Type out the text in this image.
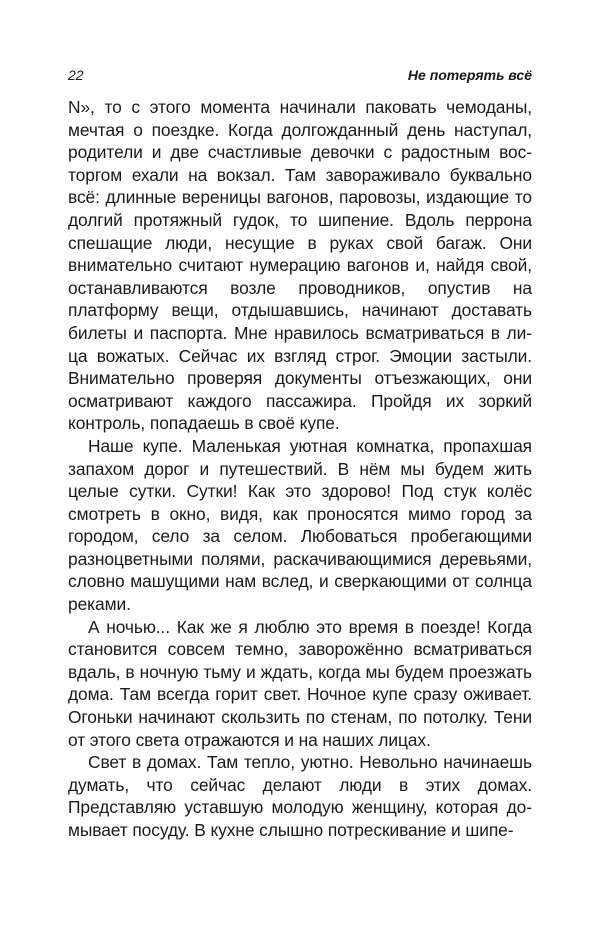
22	Не потерять всё

N», то с этого момента начинали паковать чемоданы, мечтая о поездке. Когда долгожданный день наступал, родители и две счастливые девочки с радостным восторгом ехали на вокзал. Там завораживало буквально всё: длинные вереницы вагонов, паровозы, издающие то долгий протяжный гудок, то шипение. Вдоль перрона спешащие люди, несущие в руках свой багаж. Они внимательно считают нумерацию вагонов и, найдя свой, останавливаются возле проводников, опустив на платформу вещи, отдышавшись, начинают доставать билеты и паспорта. Мне нравилось всматриваться в лица вожатых. Сейчас их взгляд строг. Эмоции застыли. Внимательно проверяя документы отъезжающих, они осматривают каждого пассажира. Пройдя их зоркий контроль, попадаешь в своё купе.

Наше купе. Маленькая уютная комнатка, пропахшая запахом дорог и путешествий. В нём мы будем жить целые сутки. Сутки! Как это здорово! Под стук колёс смотреть в окно, видя, как проносятся мимо город за городом, село за селом. Любоваться пробегающими разноцветными полями, раскачивающимися деревьями, словно машущими нам вслед, и сверкающими от солнца реками.

А ночью... Как же я люблю это время в поезде! Когда становится совсем темно, заворожённо всматриваться вдаль, в ночную тьму и ждать, когда мы будем проезжать дома. Там всегда горит свет. Ночное купе сразу оживает. Огоньки начинают скользить по стенам, по потолку. Тени от этого света отражаются и на наших лицах.

Свет в домах. Там тепло, уютно. Невольно начинаешь думать, что сейчас делают люди в этих домах. Представляю уставшую молодую женщину, которая домывает посуду. В кухне слышно потрескивание и шипе-
